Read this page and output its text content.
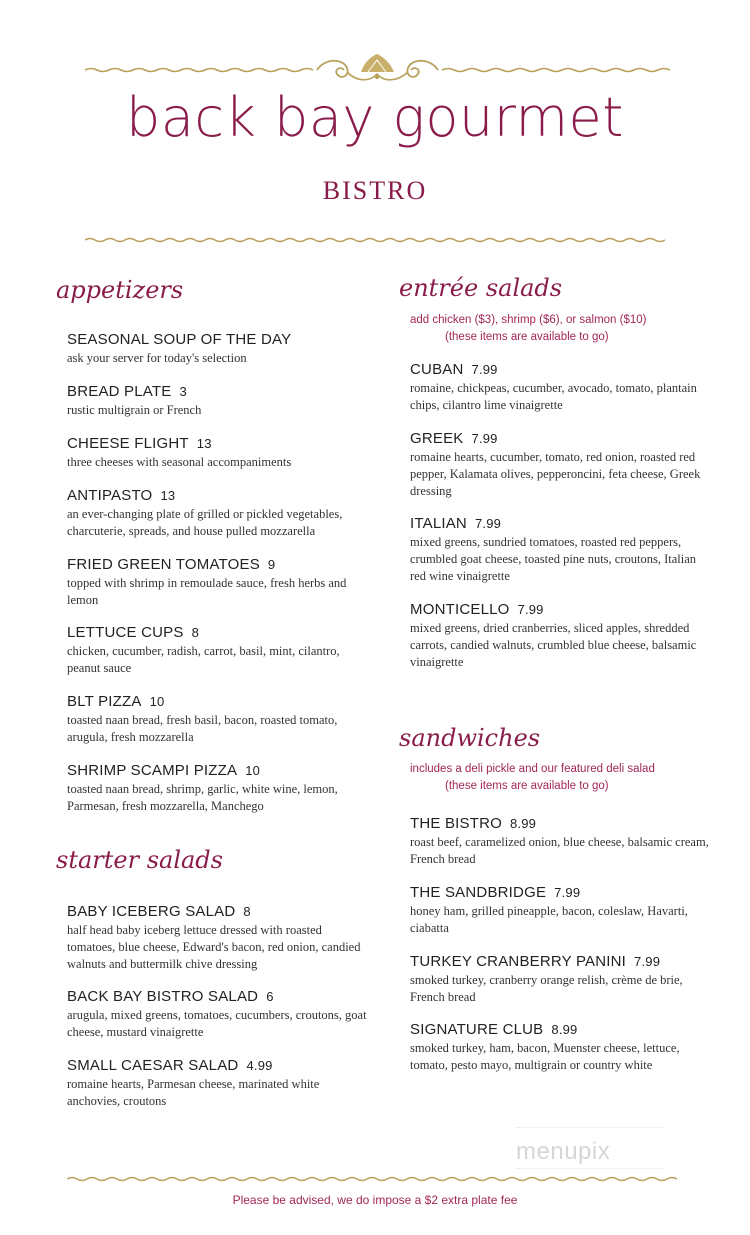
back bay gourmet
BISTRO
appetizers
SEASONAL SOUP OF THE DAY
ask your server for today's selection
BREAD PLATE 3
rustic multigrain or French
CHEESE FLIGHT 13
three cheeses with seasonal accompaniments
ANTIPASTO 13
an ever-changing plate of grilled or pickled vegetables, charcuterie, spreads, and house pulled mozzarella
FRIED GREEN TOMATOES 9
topped with shrimp in remoulade sauce, fresh herbs and lemon
LETTUCE CUPS 8
chicken, cucumber, radish, carrot, basil, mint, cilantro, peanut sauce
BLT PIZZA 10
toasted naan bread, fresh basil, bacon, roasted tomato, arugula, fresh mozzarella
SHRIMP SCAMPI PIZZA 10
toasted naan bread, shrimp, garlic, white wine, lemon, Parmesan, fresh mozzarella, Manchego
starter salads
BABY ICEBERG SALAD 8
half head baby iceberg lettuce dressed with roasted tomatoes, blue cheese, Edward's bacon, red onion, candied walnuts and buttermilk chive dressing
BACK BAY BISTRO SALAD 6
arugula, mixed greens, tomatoes, cucumbers, croutons, goat cheese, mustard vinaigrette
SMALL CAESAR SALAD 4.99
romaine hearts, Parmesan cheese, marinated white anchovies, croutons
entrée salads
add chicken ($3), shrimp ($6), or salmon ($10)
(these items are available to go)
CUBAN 7.99
romaine, chickpeas, cucumber, avocado, tomato, plantain chips, cilantro lime vinaigrette
GREEK 7.99
romaine hearts, cucumber, tomato, red onion, roasted red pepper, Kalamata olives, pepperoncini, feta cheese, Greek dressing
ITALIAN 7.99
mixed greens, sundried tomatoes, roasted red peppers, crumbled goat cheese, toasted pine nuts, croutons, Italian red wine vinaigrette
MONTICELLO 7.99
mixed greens, dried cranberries, sliced apples, shredded carrots, candied walnuts, crumbled blue cheese, balsamic vinaigrette
sandwiches
includes a deli pickle and our featured deli salad
(these items are available to go)
THE BISTRO 8.99
roast beef, caramelized onion, blue cheese, balsamic cream, French bread
THE SANDBRIDGE 7.99
honey ham, grilled pineapple, bacon, coleslaw, Havarti, ciabatta
TURKEY CRANBERRY PANINI 7.99
smoked turkey, cranberry orange relish, crème de brie, French bread
SIGNATURE CLUB 8.99
smoked turkey, ham, bacon, Muenster cheese, lettuce, tomato, pesto mayo, multigrain or country white
menupix
Please be advised, we do impose a $2 extra plate fee
